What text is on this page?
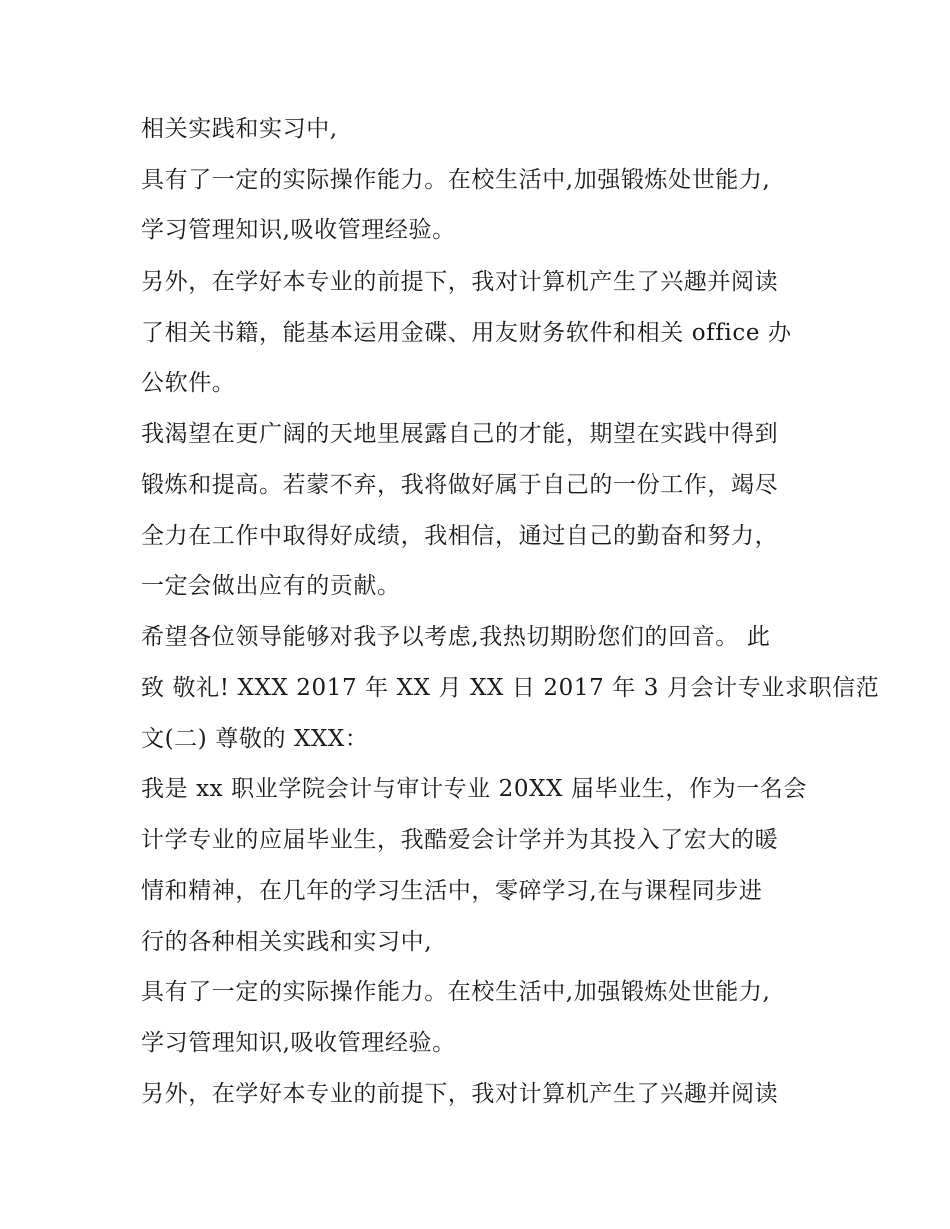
相关实践和实习中,
具有了一定的实际操作能力。在校生活中,加强锻炼处世能力,
学习管理知识,吸收管理经验。
另外，在学好本专业的前提下，我对计算机产生了兴趣并阅读
了相关书籍，能基本运用金碟、用友财务软件和相关 office 办
公软件。
我渴望在更广阔的天地里展露自己的才能，期望在实践中得到
锻炼和提高。若蒙不弃，我将做好属于自己的一份工作，竭尽
全力在工作中取得好成绩，我相信，通过自己的勤奋和努力，
一定会做出应有的贡献。
希望各位领导能够对我予以考虑,我热切期盼您们的回音。 此
致 敬礼! XXX 2017 年 XX 月 XX 日 2017 年 3 月会计专业求职信范
文(二) 尊敬的 XXX：
我是 xx 职业学院会计与审计专业 20XX 届毕业生，作为一名会
计学专业的应届毕业生，我酷爱会计学并为其投入了宏大的暖
情和精神，在几年的学习生活中，零碎学习,在与课程同步进
行的各种相关实践和实习中,
具有了一定的实际操作能力。在校生活中,加强锻炼处世能力,
学习管理知识,吸收管理经验。
另外，在学好本专业的前提下，我对计算机产生了兴趣并阅读
